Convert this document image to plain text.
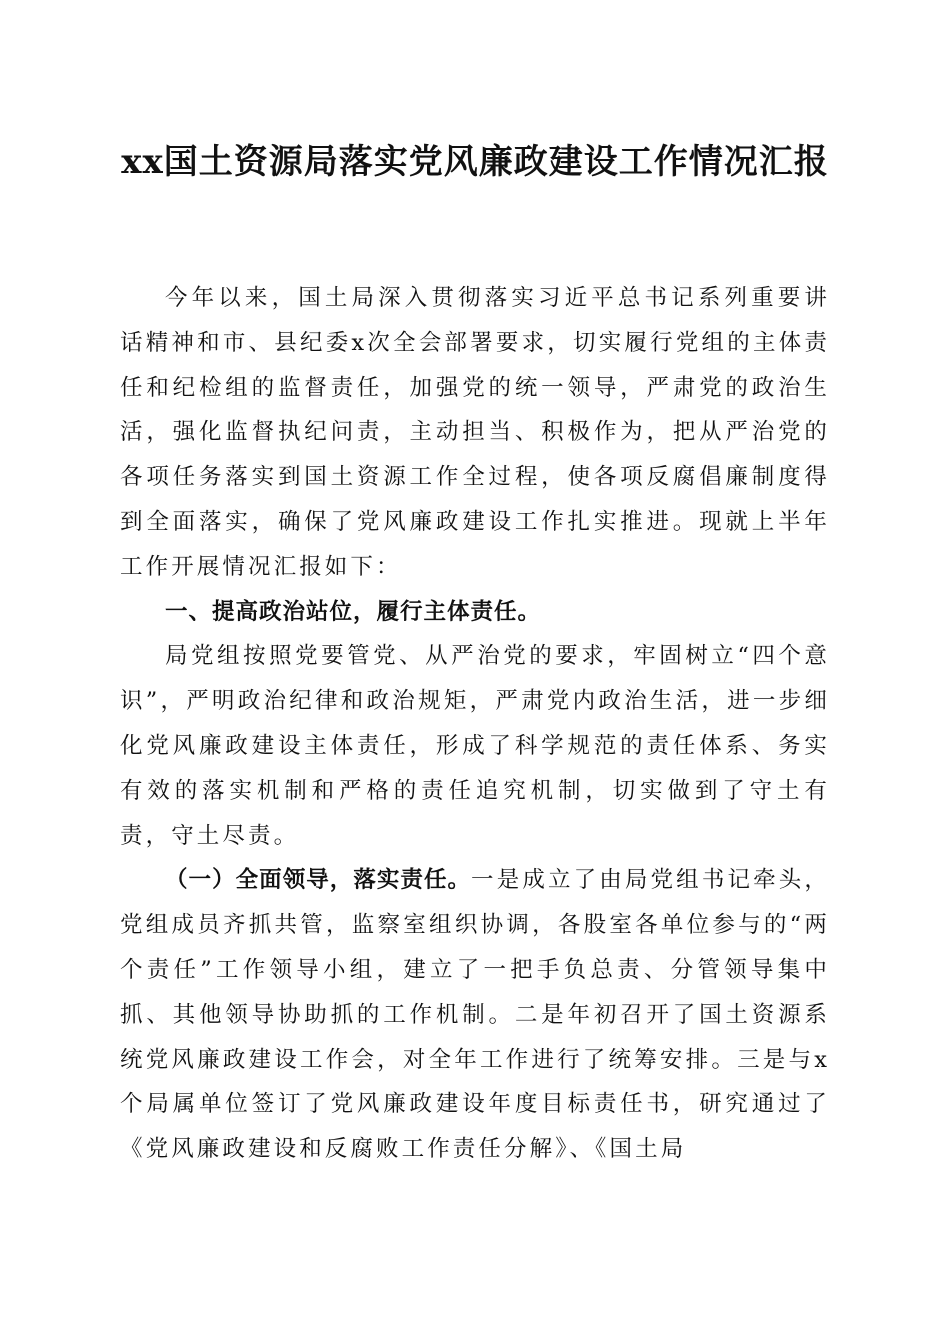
xx国土资源局落实党风廉政建设工作情况汇报

今年以来，国土局深入贯彻落实习近平总书记系列重要讲话精神和市、县纪委x次全会部署要求，切实履行党组的主体责任和纪检组的监督责任，加强党的统一领导，严肃党的政治生活，强化监督执纪问责，主动担当、积极作为，把从严治党的各项任务落实到国土资源工作全过程，使各项反腐倡廉制度得到全面落实，确保了党风廉政建设工作扎实推进。现就上半年工作开展情况汇报如下：

一、提高政治站位，履行主体责任。

局党组按照党要管党、从严治党的要求，牢固树立“四个意识”，严明政治纪律和政治规矩，严肃党内政治生活，进一步细化党风廉政建设主体责任，形成了科学规范的责任体系、务实有效的落实机制和严格的责任追究机制，切实做到了守土有责，守土尽责。

（一）全面领导，落实责任。一是成立了由局党组书记牵头，党组成员齐抓共管，监察室组织协调，各股室各单位参与的“两个责任”工作领导小组，建立了一把手负总责、分管领导集中抓、其他领导协助抓的工作机制。二是年初召开了国土资源系统党风廉政建设工作会，对全年工作进行了统筹安排。三是与x个局属单位签订了党风廉政建设年度目标责任书，研究通过了《党风廉政建设和反腐败工作责任分解》、《国土局
